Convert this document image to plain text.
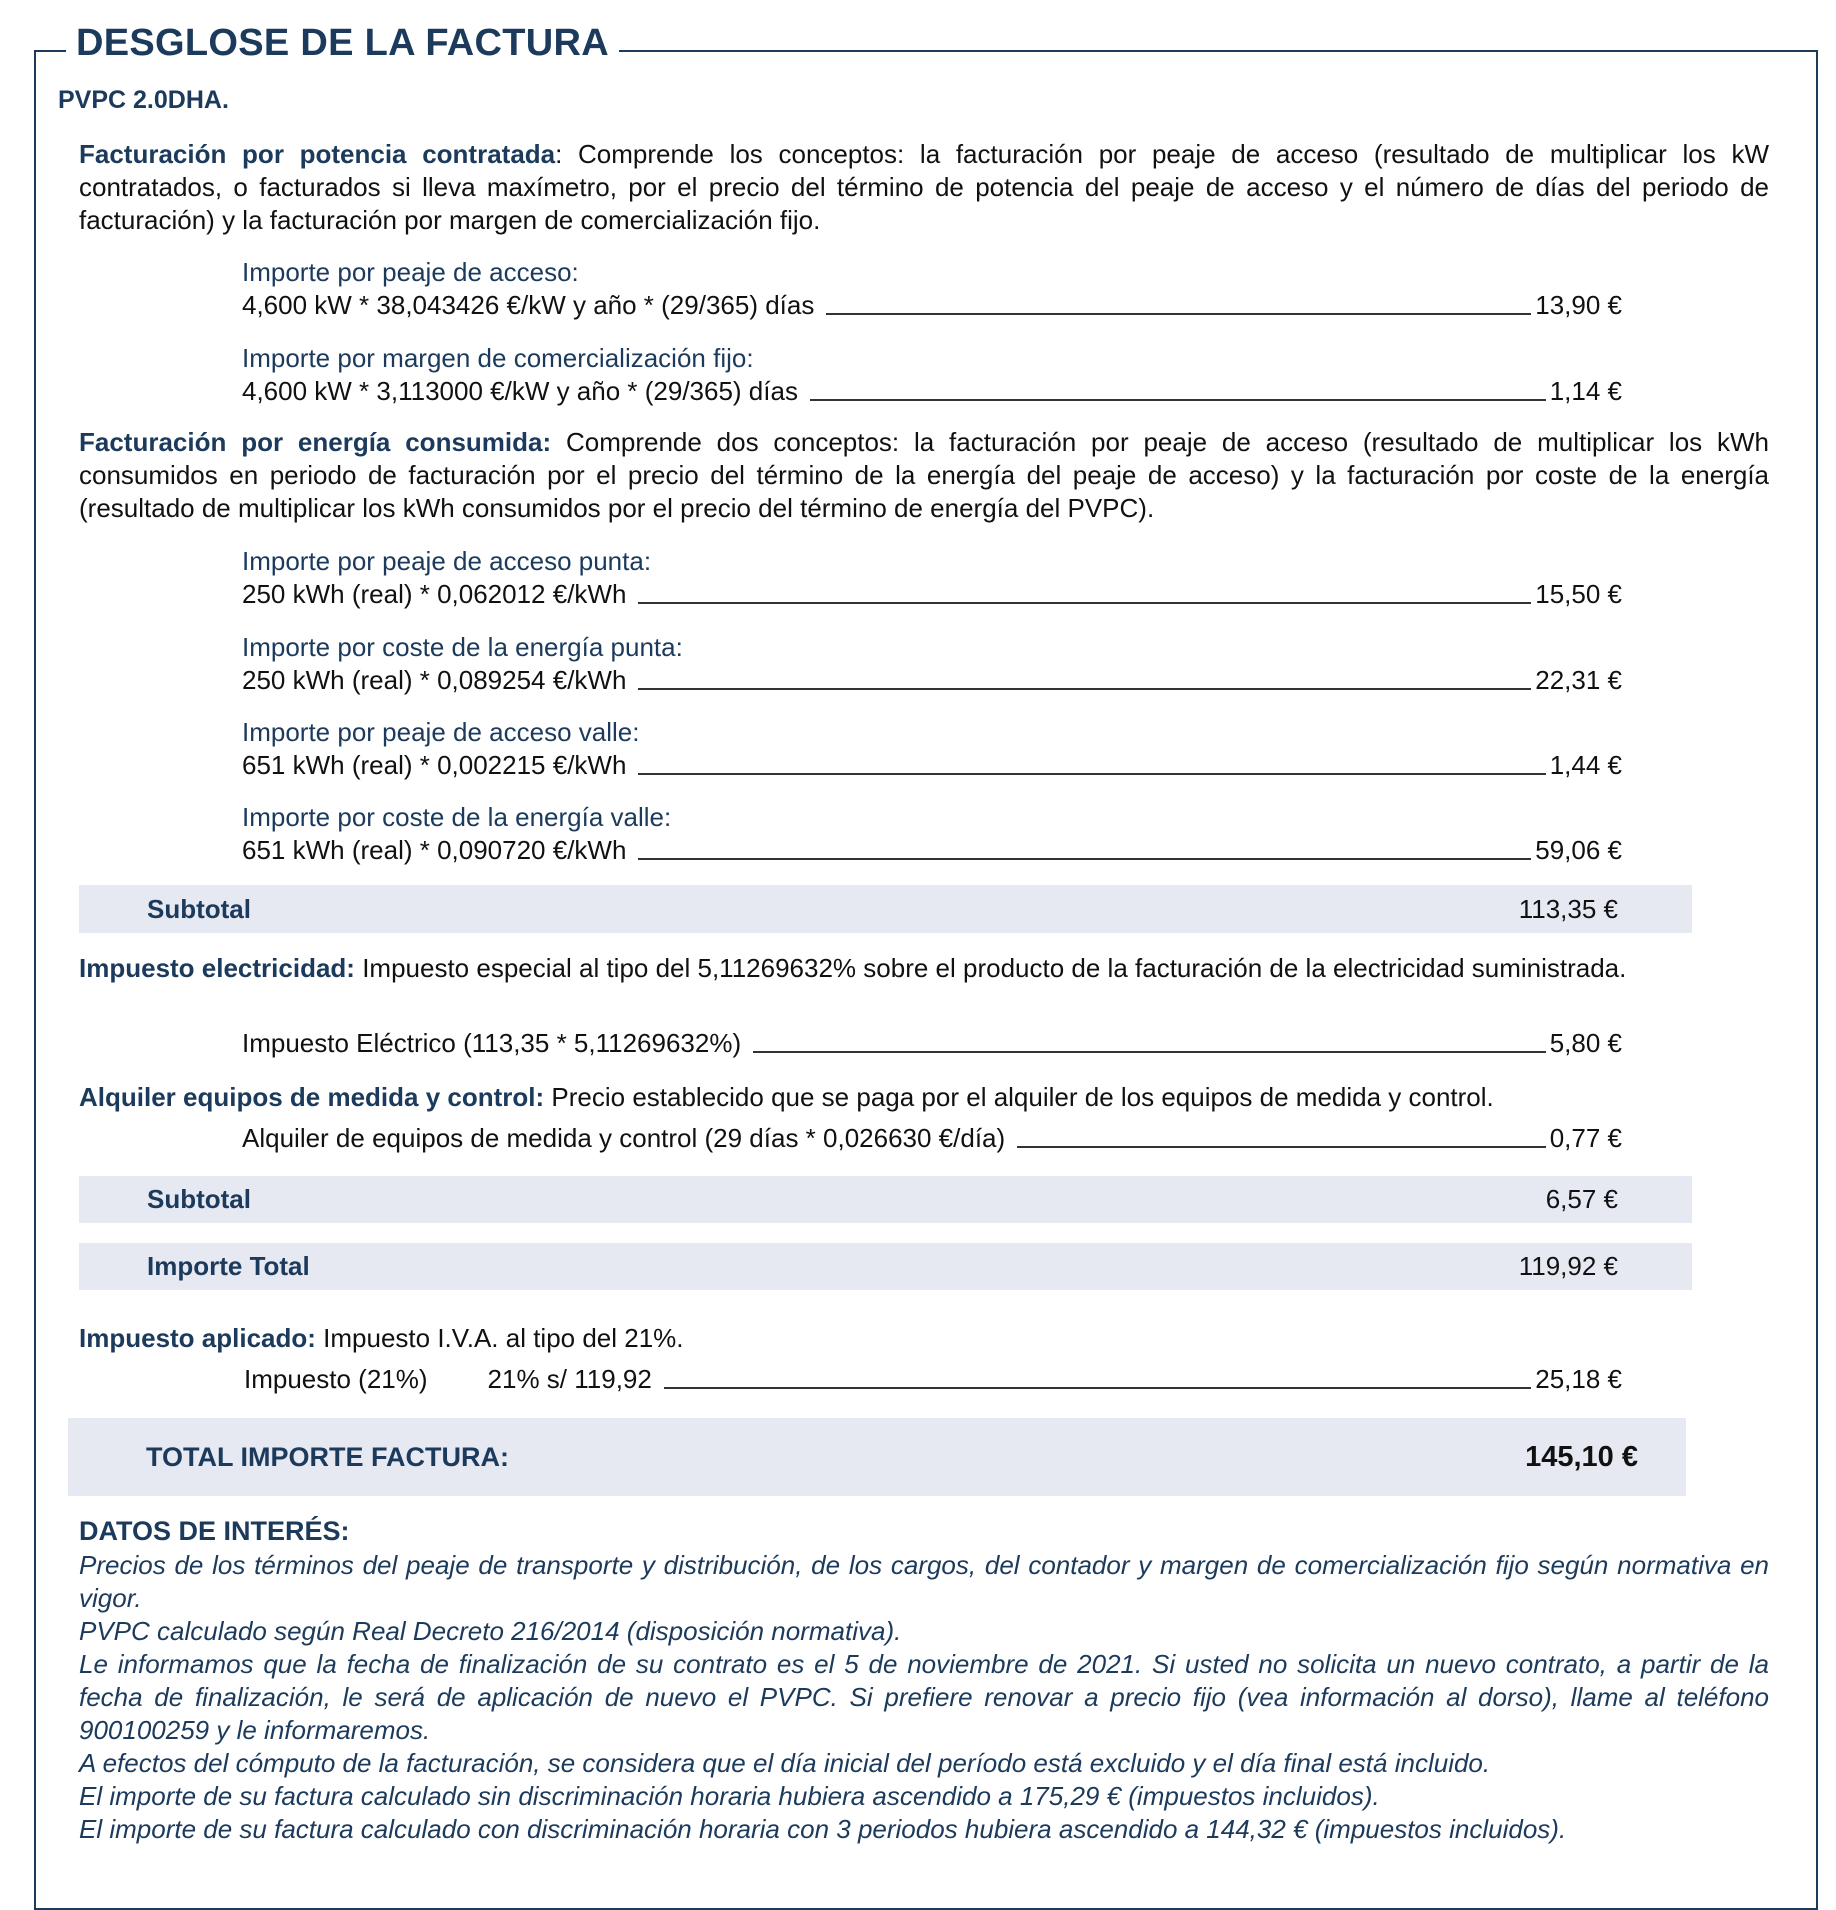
DESGLOSE DE LA FACTURA
PVPC 2.0DHA.
Facturación por potencia contratada: Comprende los conceptos: la facturación por peaje de acceso (resultado de multiplicar los kW contratados, o facturados si lleva maxímetro, por el precio del término de potencia del peaje de acceso y el número de días del periodo de facturación) y la facturación por margen de comercialización fijo.
Importe por peaje de acceso:
4,600 kW * 38,043426 €/kW y año * (29/365) días	13,90 €
Importe por margen de comercialización fijo:
4,600 kW * 3,113000 €/kW y año * (29/365) días	1,14 €
Facturación por energía consumida: Comprende dos conceptos: la facturación por peaje de acceso (resultado de multiplicar los kWh consumidos en periodo de facturación por el precio del término de la energía del peaje de acceso) y la facturación por coste de la energía (resultado de multiplicar los kWh consumidos por el precio del término de energía del PVPC).
Importe por peaje de acceso punta:
250 kWh (real) * 0,062012 €/kWh	15,50 €
Importe por coste de la energía punta:
250 kWh (real) * 0,089254 €/kWh	22,31 €
Importe por peaje de acceso valle:
651 kWh (real) * 0,002215 €/kWh	1,44 €
Importe por coste de la energía valle:
651 kWh (real) * 0,090720 €/kWh	59,06 €
Subtotal	113,35 €
Impuesto electricidad: Impuesto especial al tipo del 5,11269632% sobre el producto de la facturación de la electricidad suministrada.
Impuesto Eléctrico (113,35 * 5,11269632%)	5,80 €
Alquiler equipos de medida y control: Precio establecido que se paga por el alquiler de los equipos de medida y control.
Alquiler de equipos de medida y control (29 días * 0,026630 €/día)	0,77 €
Subtotal	6,57 €
Importe Total	119,92 €
Impuesto aplicado: Impuesto I.V.A. al tipo del 21%.
Impuesto (21%) 21% s/ 119,92	25,18 €
TOTAL IMPORTE FACTURA:	145,10 €
DATOS DE INTERÉS:

Precios de los términos del peaje de transporte y distribución, de los cargos, del contador y margen de comercialización fijo según normativa en vigor.

PVPC calculado según Real Decreto 216/2014 (disposición normativa).

Le informamos que la fecha de finalización de su contrato es el 5 de noviembre de 2021. Si usted no solicita un nuevo contrato, a partir de la fecha de finalización, le será de aplicación de nuevo el PVPC. Si prefiere renovar a precio fijo (vea información al dorso), llame al teléfono 900100259 y le informaremos.

A efectos del cómputo de la facturación, se considera que el día inicial del período está excluido y el día final está incluido.

El importe de su factura calculado sin discriminación horaria hubiera ascendido a 175,29 € (impuestos incluidos).

El importe de su factura calculado con discriminación horaria con 3 periodos hubiera ascendido a 144,32 € (impuestos incluidos).
